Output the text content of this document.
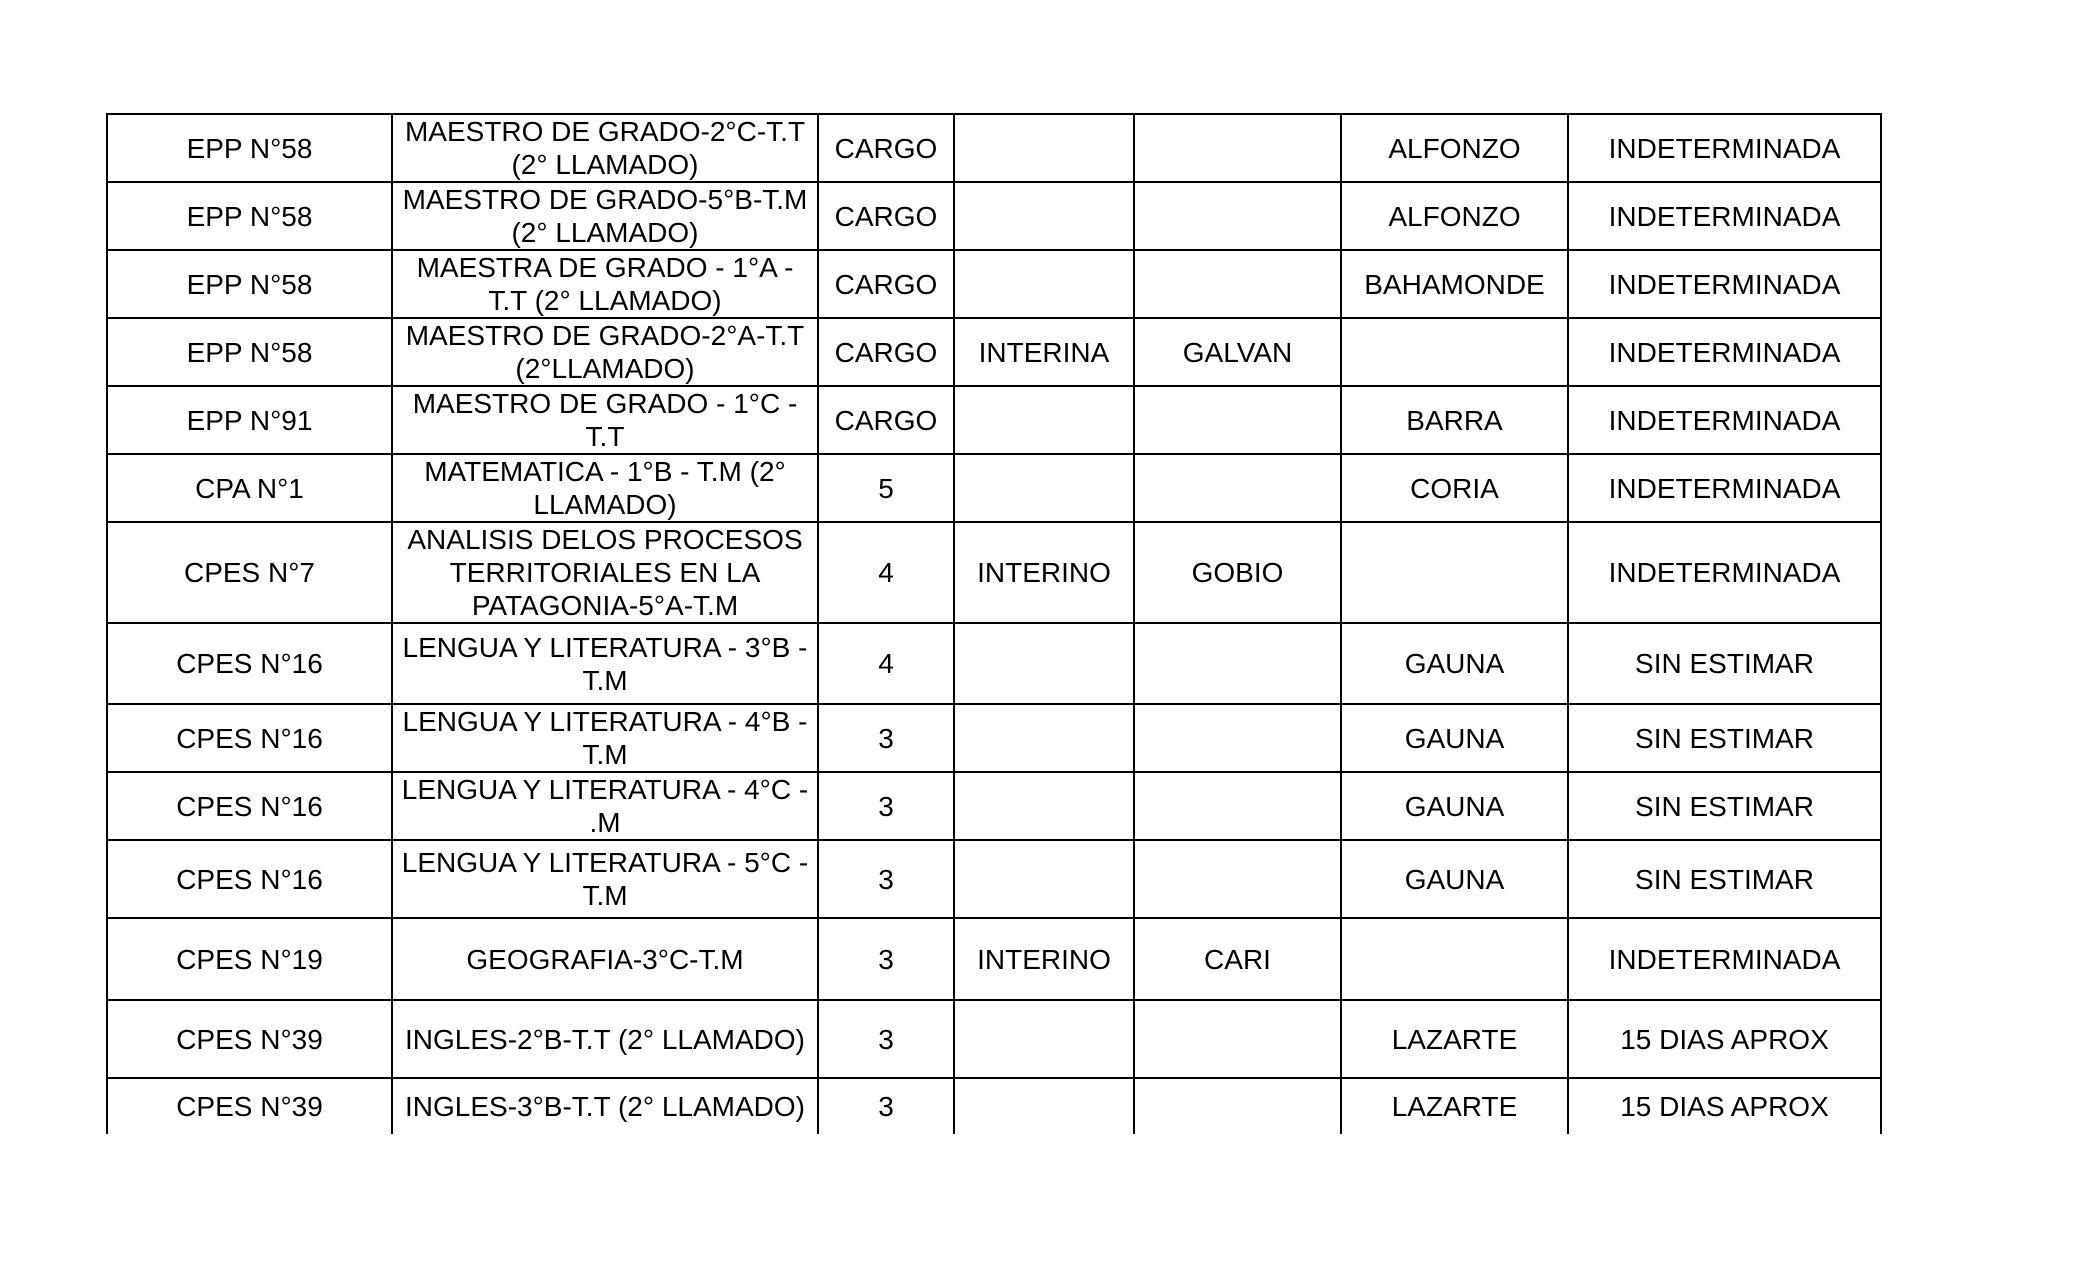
EPP N°58	MAESTRO DE GRADO-2°C-T.T (2° LLAMADO)	CARGO			ALFONZO	INDETERMINADA
EPP N°58	MAESTRO DE GRADO-5°B-T.M (2° LLAMADO)	CARGO			ALFONZO	INDETERMINADA
EPP N°58	MAESTRA DE GRADO - 1°A - T.T (2° LLAMADO)	CARGO			BAHAMONDE	INDETERMINADA
EPP N°58	MAESTRO DE GRADO-2°A-T.T (2°LLAMADO)	CARGO	INTERINA	GALVAN		INDETERMINADA
EPP N°91	MAESTRO DE GRADO - 1°C - T.T	CARGO			BARRA	INDETERMINADA
CPA N°1	MATEMATICA - 1°B - T.M (2° LLAMADO)	5			CORIA	INDETERMINADA
CPES N°7	ANALISIS DELOS PROCESOS TERRITORIALES EN LA PATAGONIA-5°A-T.M	4	INTERINO	GOBIO		INDETERMINADA
CPES N°16	LENGUA Y LITERATURA - 3°B - T.M	4			GAUNA	SIN ESTIMAR
CPES N°16	LENGUA Y LITERATURA - 4°B - T.M	3			GAUNA	SIN ESTIMAR
CPES N°16	LENGUA Y LITERATURA - 4°C - .M	3			GAUNA	SIN ESTIMAR
CPES N°16	LENGUA Y LITERATURA - 5°C - T.M	3			GAUNA	SIN ESTIMAR
CPES N°19	GEOGRAFIA-3°C-T.M	3	INTERINO	CARI		INDETERMINADA
CPES N°39	INGLES-2°B-T.T (2° LLAMADO)	3			LAZARTE	15 DIAS APROX
CPES N°39	INGLES-3°B-T.T (2° LLAMADO)	3			LAZARTE	15 DIAS APROX
